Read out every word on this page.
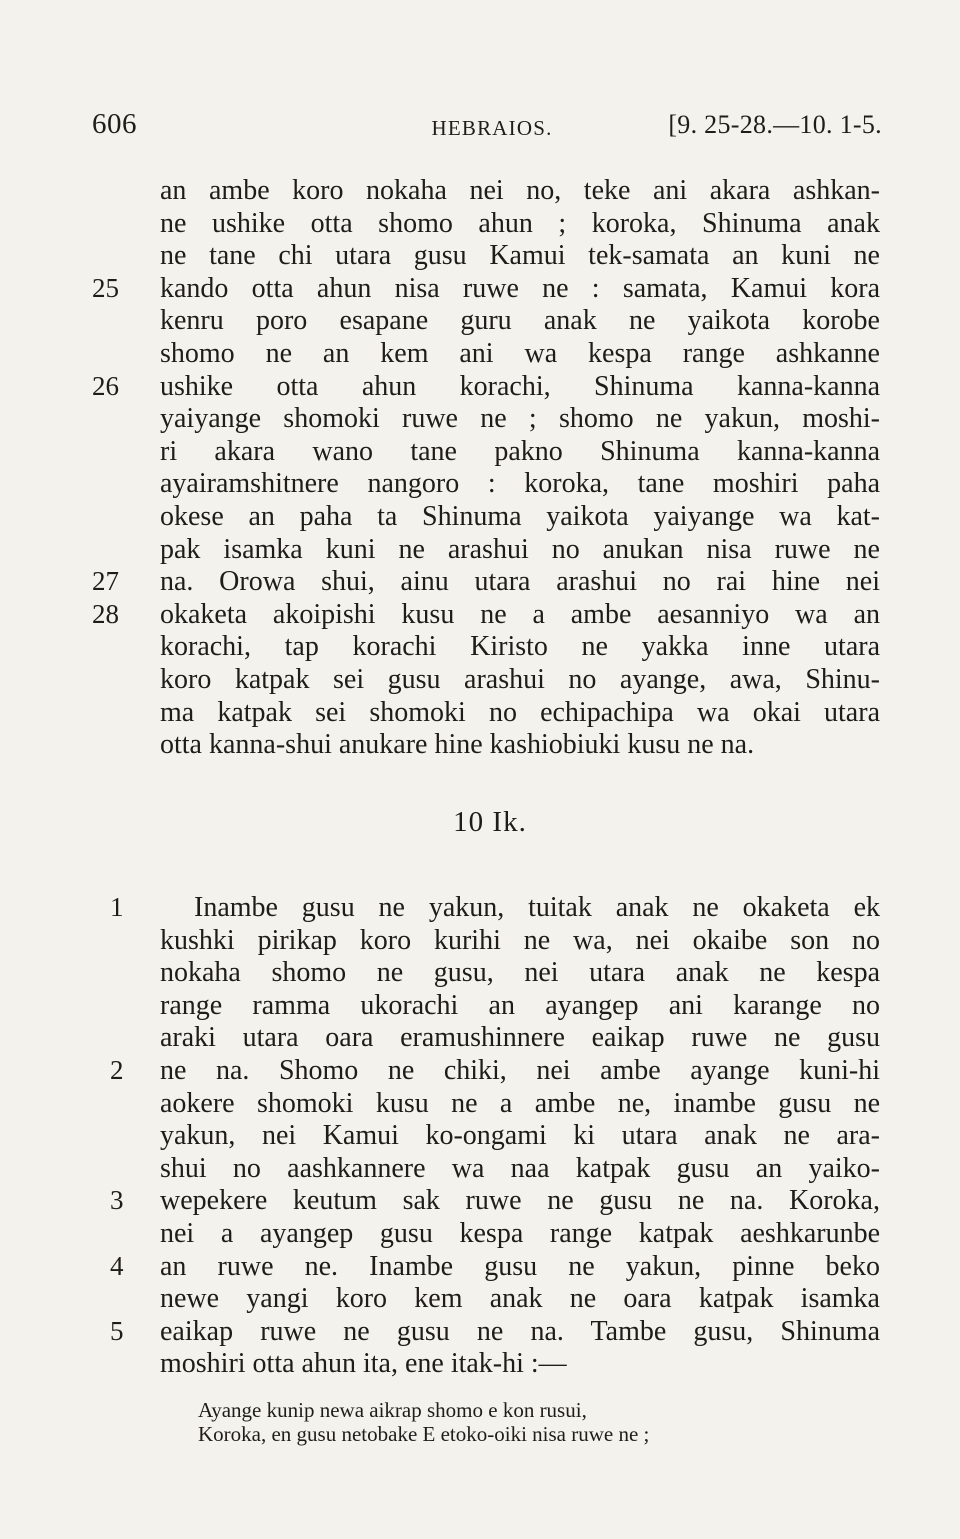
606	HEBRAIOS.	[9. 25-28.—10. 1-5.
an ambe koro nokaha nei no, teke ani akara ashkan-
ne ushike otta shomo ahun ; koroka, Shinuma anak
ne tane chi utara gusu Kamui tek-samata an kuni ne
25	kando otta ahun nisa ruwe ne : samata, Kamui kora
kenru poro esapane guru anak ne yaikota korobe
shomo ne an kem ani wa kespa range ashkanne
26	ushike otta ahun korachi, Shinuma kanna-kanna
yaiyange shomoki ruwe ne ; shomo ne yakun, moshi-
ri akara wano tane pakno Shinuma kanna-kanna
ayairamshitnere nangoro : koroka, tane moshiri paha
okese an paha ta Shinuma yaikota yaiyange wa kat-
pak isamka kuni ne arashui no anukan nisa ruwe ne
27	na. Orowa shui, ainu utara arashui no rai hine nei
28	okaketa akoipishi kusu ne a ambe aesanniyo wa an
korachi, tap korachi Kiristo ne yakka inne utara
koro katpak sei gusu arashui no ayange, awa, Shinu-
ma katpak sei shomoki no echipachipa wa okai utara
otta kanna-shui anukare hine kashiobiuki kusu ne na.
10 Ik.
1	Inambe gusu ne yakun, tuitak anak ne okaketa ek
kushki pirikap koro kurihi ne wa, nei okaibe son no
nokaha shomo ne gusu, nei utara anak ne kespa
range ramma ukorachi an ayangep ani karange no
araki utara oara eramushinnere eaikap ruwe ne gusu
2	ne na. Shomo ne chiki, nei ambe ayange kuni-hi
aokere shomoki kusu ne a ambe ne, inambe gusu ne
yakun, nei Kamui ko-ongami ki utara anak ne ara-
shui no aashkannere wa naa katpak gusu an yaiko-
3	wepekere keutum sak ruwe ne gusu ne na. Koroka,
nei a ayangep gusu kespa range katpak aeshkarunbe
4	an ruwe ne. Inambe gusu ne yakun, pinne beko
newe yangi koro kem anak ne oara katpak isamka
5	eaikap ruwe ne gusu ne na. Tambe gusu, Shinuma
moshiri otta ahun ita, ene itak-hi :—
Ayange kunip newa aikrap shomo e kon rusui,
Koroka, en gusu netobake E etoko-oiki nisa ruwe ne ;
